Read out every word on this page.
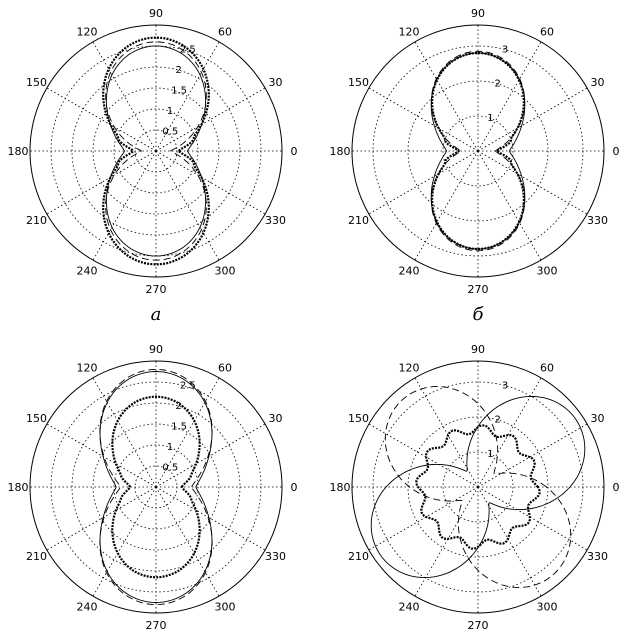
0
30
60
90
120
150
180
210
240
270
300
330
0.5
1
1.5
2
2.5
а
0
30
60
90
120
150
180
210
240
270
300
330
1
2
3
б
0
30
60
90
120
150
180
210
240
270
300
330
0.5
1
1.5
2
2.5
0
30
60
90
120
150
180
210
240
270
300
330
1
2
3
